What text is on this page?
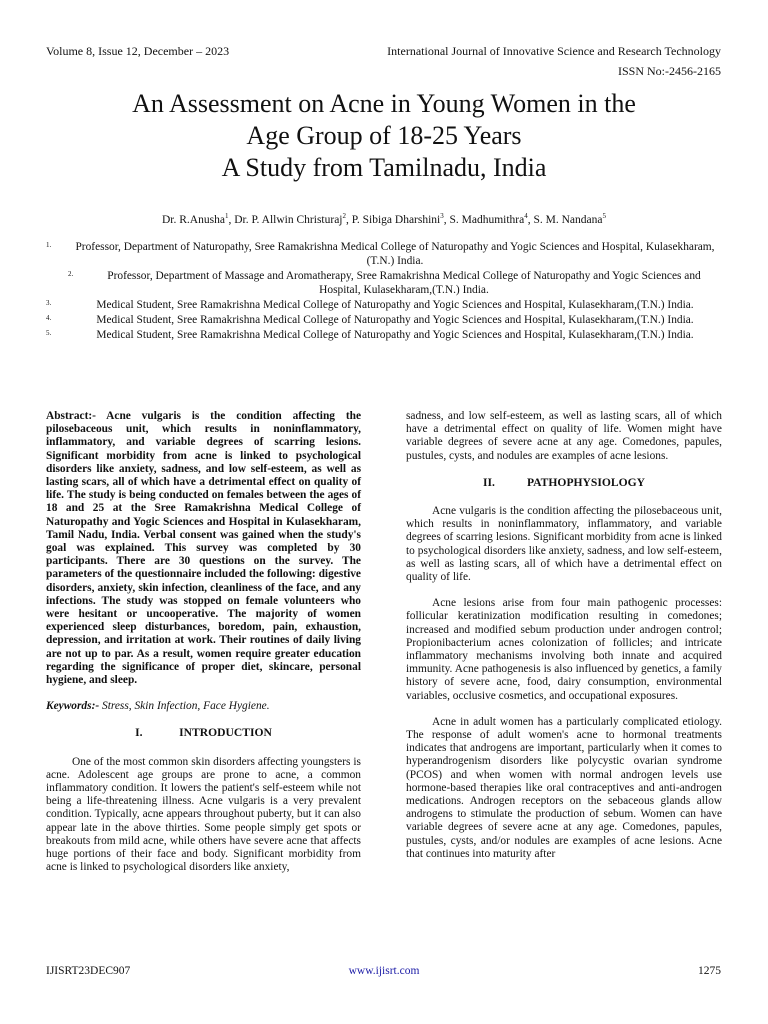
Volume 8, Issue 12, December – 2023	International Journal of Innovative Science and Research Technology
ISSN No:-2456-2165
An Assessment on Acne in Young Women in the
Age Group of 18-25 Years
A Study from Tamilnadu, India
Dr. R.Anusha$^1$, Dr. P. Allwin Christuraj$^2$, P. Sibiga Dharshini$^3$, S. Madhumithra$^4$, S. M. Nandana$^5$
1. Professor, Department of Naturopathy, Sree Ramakrishna Medical College of Naturopathy and Yogic Sciences and Hospital, Kulasekharam,(T.N.) India.
2.	Professor, Department of Massage and Aromatherapy, Sree Ramakrishna Medical College of Naturopathy and Yogic Sciences and Hospital, Kulasekharam,(T.N.) India.
3.	Medical Student, Sree Ramakrishna Medical College of Naturopathy and Yogic Sciences and Hospital, Kulasekharam,(T.N.) India.
4.	Medical Student, Sree Ramakrishna Medical College of Naturopathy and Yogic Sciences and Hospital, Kulasekharam,(T.N.) India.
5.	Medical Student, Sree Ramakrishna Medical College of Naturopathy and Yogic Sciences and Hospital, Kulasekharam,(T.N.) India.

Abstract:- Acne vulgaris is the condition affecting the pilosebaceous unit, which results in noninflammatory, inflammatory, and variable degrees of scarring lesions. Significant morbidity from acne is linked to psychological disorders like anxiety, sadness, and low self-esteem, as well as lasting scars, all of which have a detrimental effect on quality of life. The study is being conducted on females between the ages of 18 and 25 at the Sree Ramakrishna Medical College of Naturopathy and Yogic Sciences and Hospital in Kulasekharam, Tamil Nadu, India. Verbal consent was gained when the study's goal was explained. This survey was completed by 30 participants. There are 30 questions on the survey. The parameters of the questionnaire included the following: digestive disorders, anxiety, skin infection, cleanliness of the face, and any infections. The study was stopped on female volunteers who were hesitant or uncooperative. The majority of women experienced sleep disturbances, boredom, pain, exhaustion, depression, and irritation at work. Their routines of daily living are not up to par. As a result, women require greater education regarding the significance of proper diet, skincare, personal hygiene, and sleep.

Keywords:- Stress, Skin Infection, Face Hygiene.

I.	INTRODUCTION

One of the most common skin disorders affecting youngsters is acne. Adolescent age groups are prone to acne, a common inflammatory condition. It lowers the patient's self-esteem while not being a life-threatening illness. Acne vulgaris is a very prevalent condition. Typically, acne appears throughout puberty, but it can also appear late in the above thirties. Some people simply get spots or breakouts from mild acne, while others have severe acne that affects huge portions of their face and body. Significant morbidity from acne is linked to psychological disorders like anxiety,

sadness, and low self-esteem, as well as lasting scars, all of which have a detrimental effect on quality of life. Women might have variable degrees of severe acne at any age. Comedones, papules, pustules, cysts, and nodules are examples of acne lesions.

II.	PATHOPHYSIOLOGY

Acne vulgaris is the condition affecting the pilosebaceous unit, which results in noninflammatory, inflammatory, and variable degrees of scarring lesions. Significant morbidity from acne is linked to psychological disorders like anxiety, sadness, and low self-esteem, as well as lasting scars, all of which have a detrimental effect on quality of life.

Acne lesions arise from four main pathogenic processes: follicular keratinization modification resulting in comedones; increased and modified sebum production under androgen control; Propionibacterium acnes colonization of follicles; and intricate inflammatory mechanisms involving both innate and acquired immunity. Acne pathogenesis is also influenced by genetics, a family history of severe acne, food, dairy consumption, environmental variables, occlusive cosmetics, and occupational exposures.

Acne in adult women has a particularly complicated etiology. The response of adult women's acne to hormonal treatments indicates that androgens are important, particularly when it comes to hyperandrogenism disorders like polycystic ovarian syndrome (PCOS) and when women with normal androgen levels use hormone-based therapies like oral contraceptives and anti-androgen medications. Androgen receptors on the sebaceous glands allow androgens to stimulate the production of sebum. Women can have variable degrees of severe acne at any age. Comedones, papules, pustules, cysts, and/or nodules are examples of acne lesions. Acne that continues into maturity after

IJISRT23DEC907	www.ijisrt.com	1275
